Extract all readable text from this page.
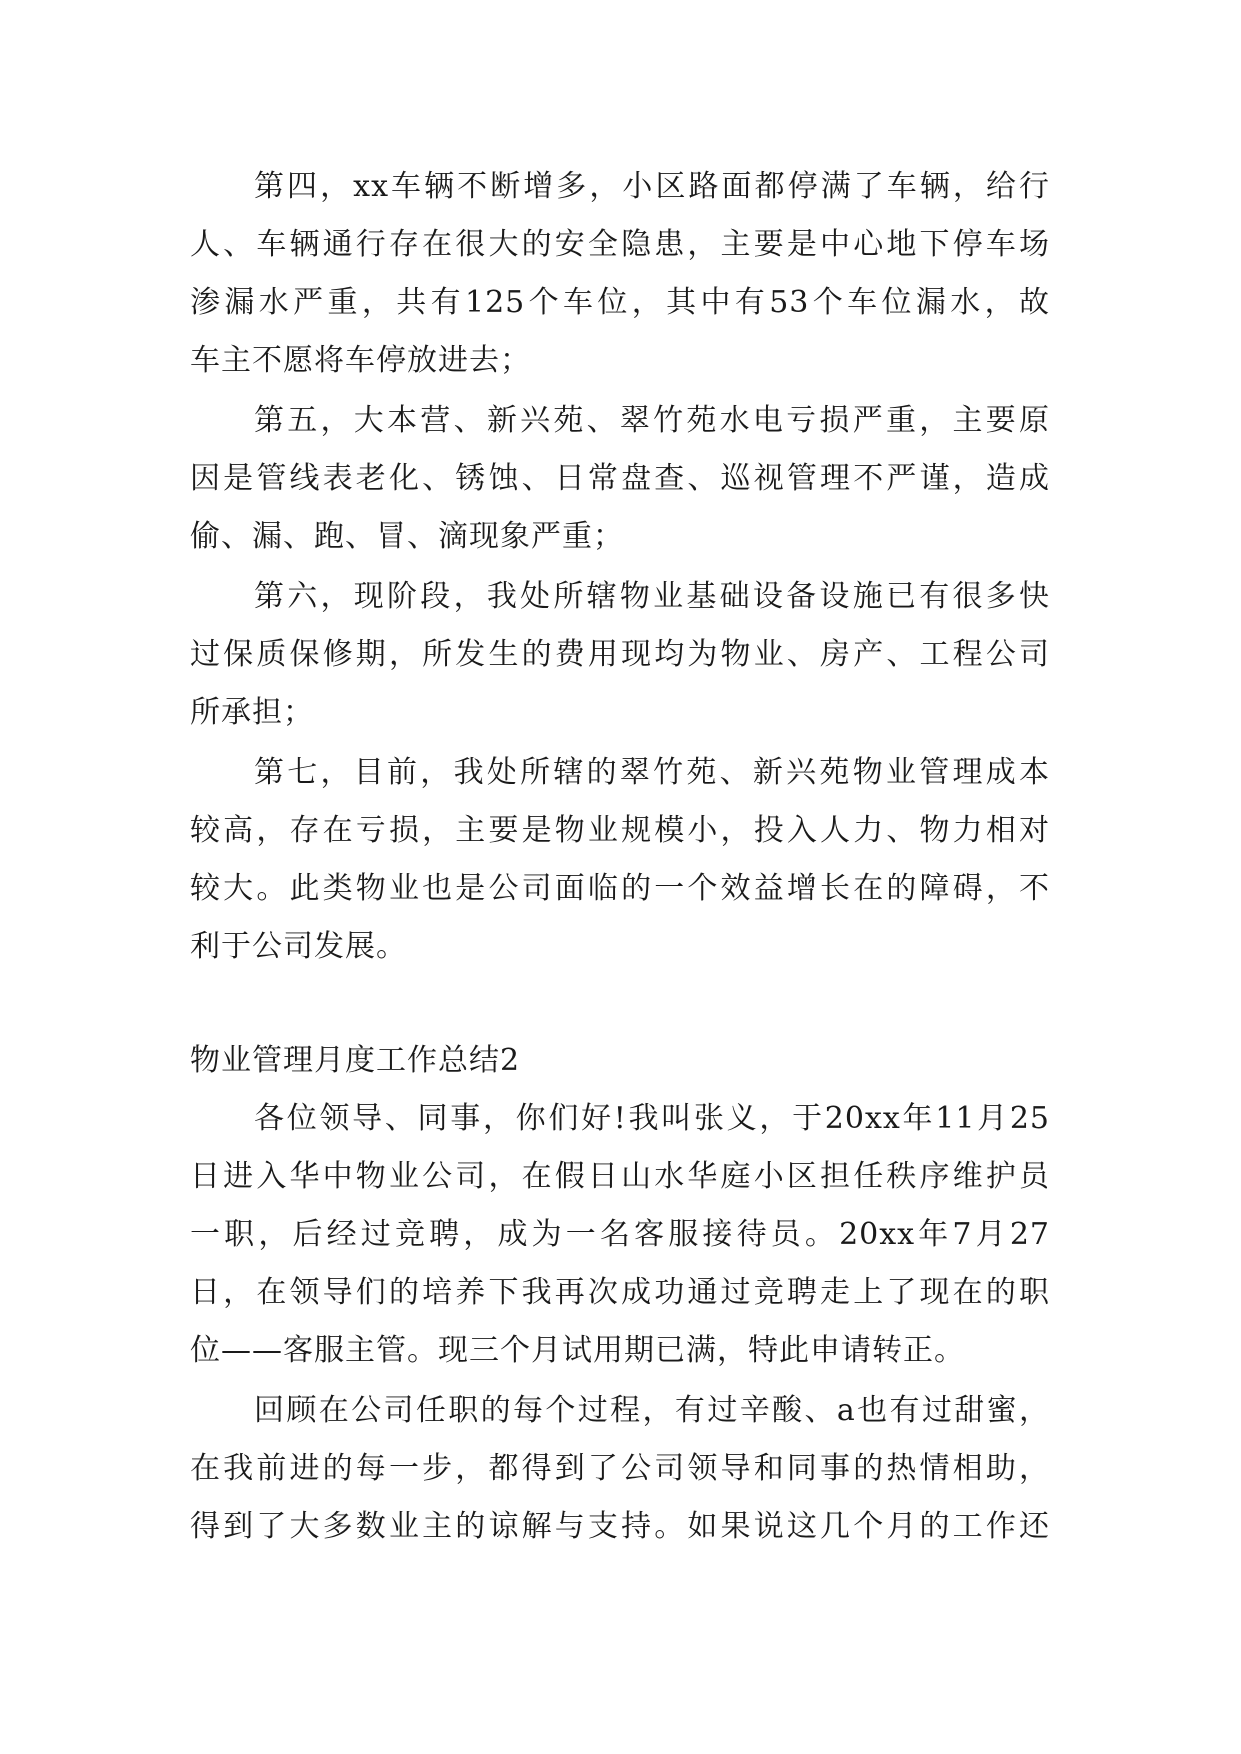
第四，xx车辆不断增多，小区路面都停满了车辆，给行
人、车辆通行存在很大的安全隐患，主要是中心地下停车场
渗漏水严重，共有125个车位，其中有53个车位漏水，故
车主不愿将车停放进去；
第五，大本营、新兴苑、翠竹苑水电亏损严重，主要原
因是管线表老化、锈蚀、日常盘查、巡视管理不严谨，造成
偷、漏、跑、冒、滴现象严重；
第六，现阶段，我处所辖物业基础设备设施已有很多快
过保质保修期，所发生的费用现均为物业、房产、工程公司
所承担；
第七，目前，我处所辖的翠竹苑、新兴苑物业管理成本
较高，存在亏损，主要是物业规模小，投入人力、物力相对
较大。此类物业也是公司面临的一个效益增长在的障碍，不
利于公司发展。
物业管理月度工作总结2
各位领导、同事，你们好!我叫张义，于20xx年11月25
日进入华中物业公司，在假日山水华庭小区担任秩序维护员
一职，后经过竞聘，成为一名客服接待员。20xx年7月27
日，在领导们的培养下我再次成功通过竞聘走上了现在的职
位——客服主管。现三个月试用期已满，特此申请转正。
回顾在公司任职的每个过程，有过辛酸、a也有过甜蜜，
在我前进的每一步，都得到了公司领导和同事的热情相助，
得到了大多数业主的谅解与支持。如果说这几个月的工作还
